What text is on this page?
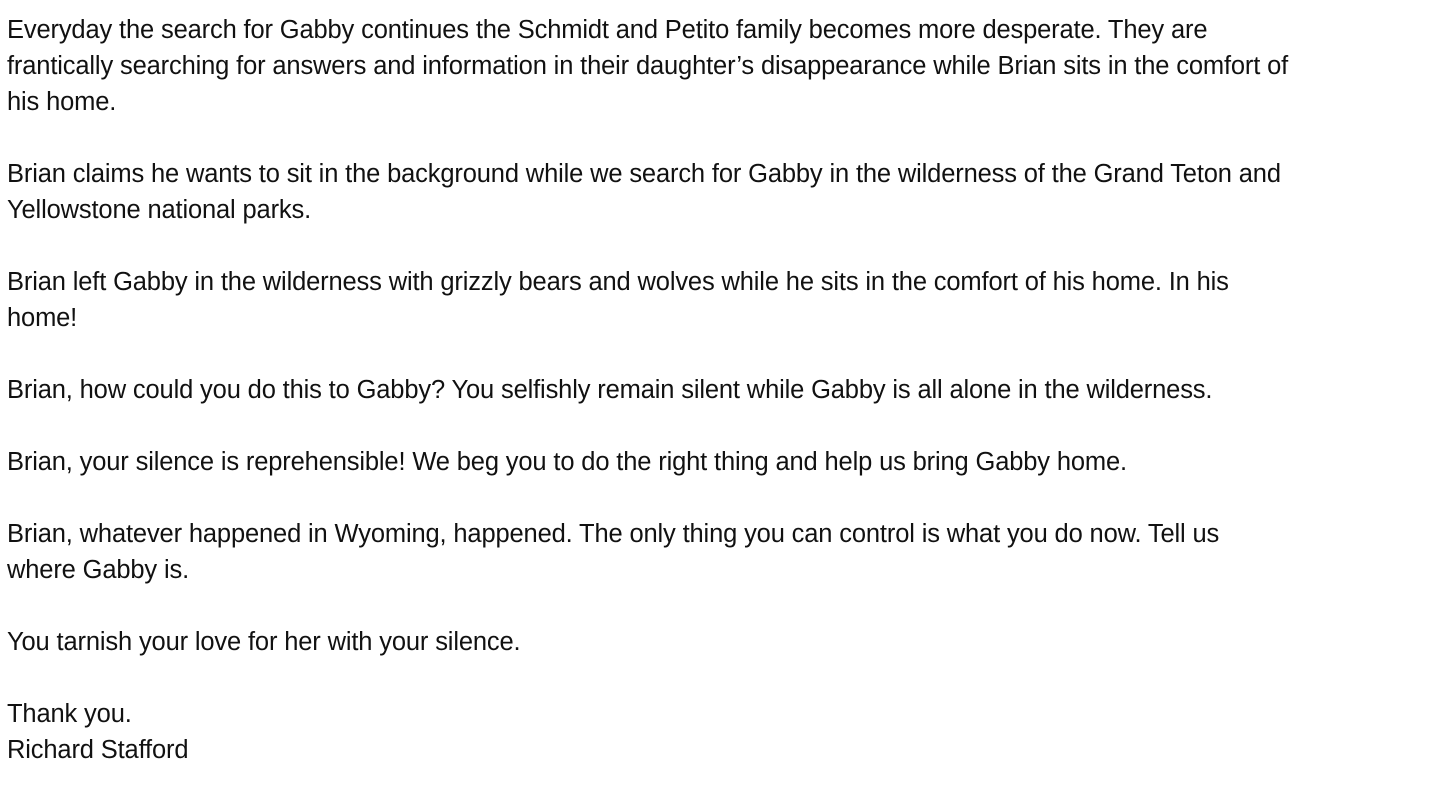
Everyday the search for Gabby continues the Schmidt and Petito family becomes more desperate. They are
frantically searching for answers and information in their daughter’s disappearance while Brian sits in the comfort of
his home.

Brian claims he wants to sit in the background while we search for Gabby in the wilderness of the Grand Teton and
Yellowstone national parks.

Brian left Gabby in the wilderness with grizzly bears and wolves while he sits in the comfort of his home. In his
home!

Brian, how could you do this to Gabby? You selfishly remain silent while Gabby is all alone in the wilderness.

Brian, your silence is reprehensible! We beg you to do the right thing and help us bring Gabby home.

Brian, whatever happened in Wyoming, happened. The only thing you can control is what you do now. Tell us
where Gabby is.

You tarnish your love for her with your silence.

Thank you.
Richard Stafford
